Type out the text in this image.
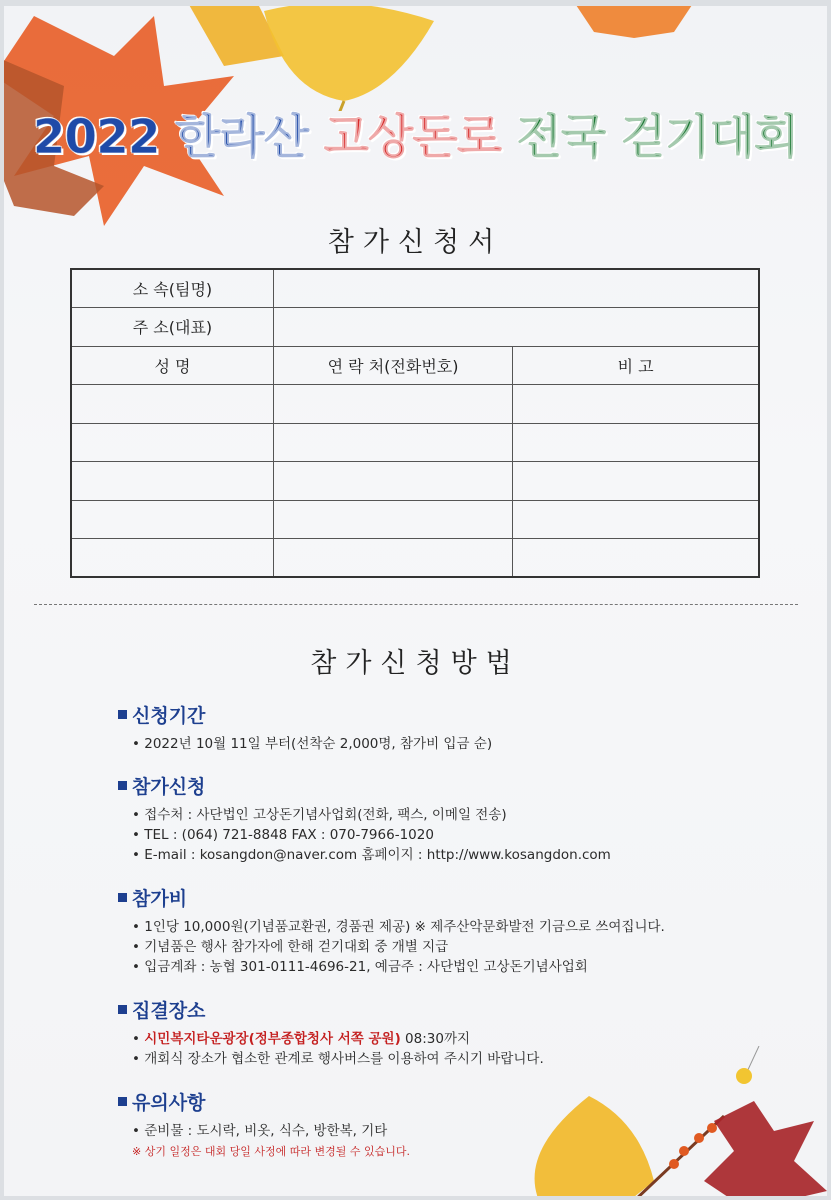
2022 한라산 고상돈로 전국 걷기대회
참가신청서
소 속(팀명)		
주 소(대표)		
성 명	연 락 처(전화번호)	비 고

참가신청방법
신청기간
• 2022년 10월 11일 부터(선착순 2,000명, 참가비 입금 순)
참가신청
• 접수처 : 사단법인 고상돈기념사업회(전화, 팩스, 이메일 전송)
• TEL : (064) 721-8848 FAX : 070-7966-1020
• E-mail : kosangdon@naver.com 홈페이지 : http://www.kosangdon.com
참가비
• 1인당 10,000원(기념품교환권, 경품권 제공) ※ 제주산악문화발전 기금으로 쓰여집니다.
• 기념품은 행사 참가자에 한해 걷기대회 중 개별 지급
• 입금계좌 : 농협 301-0111-4696-21, 예금주 : 사단법인 고상돈기념사업회
집결장소
• 시민복지타운광장(정부종합청사 서쪽 공원) 08:30까지
• 개회식 장소가 협소한 관계로 행사버스를 이용하여 주시기 바랍니다.
유의사항
• 준비물 : 도시락, 비옷, 식수, 방한복, 기타
※ 상기 일정은 대회 당일 사정에 따라 변경될 수 있습니다.
